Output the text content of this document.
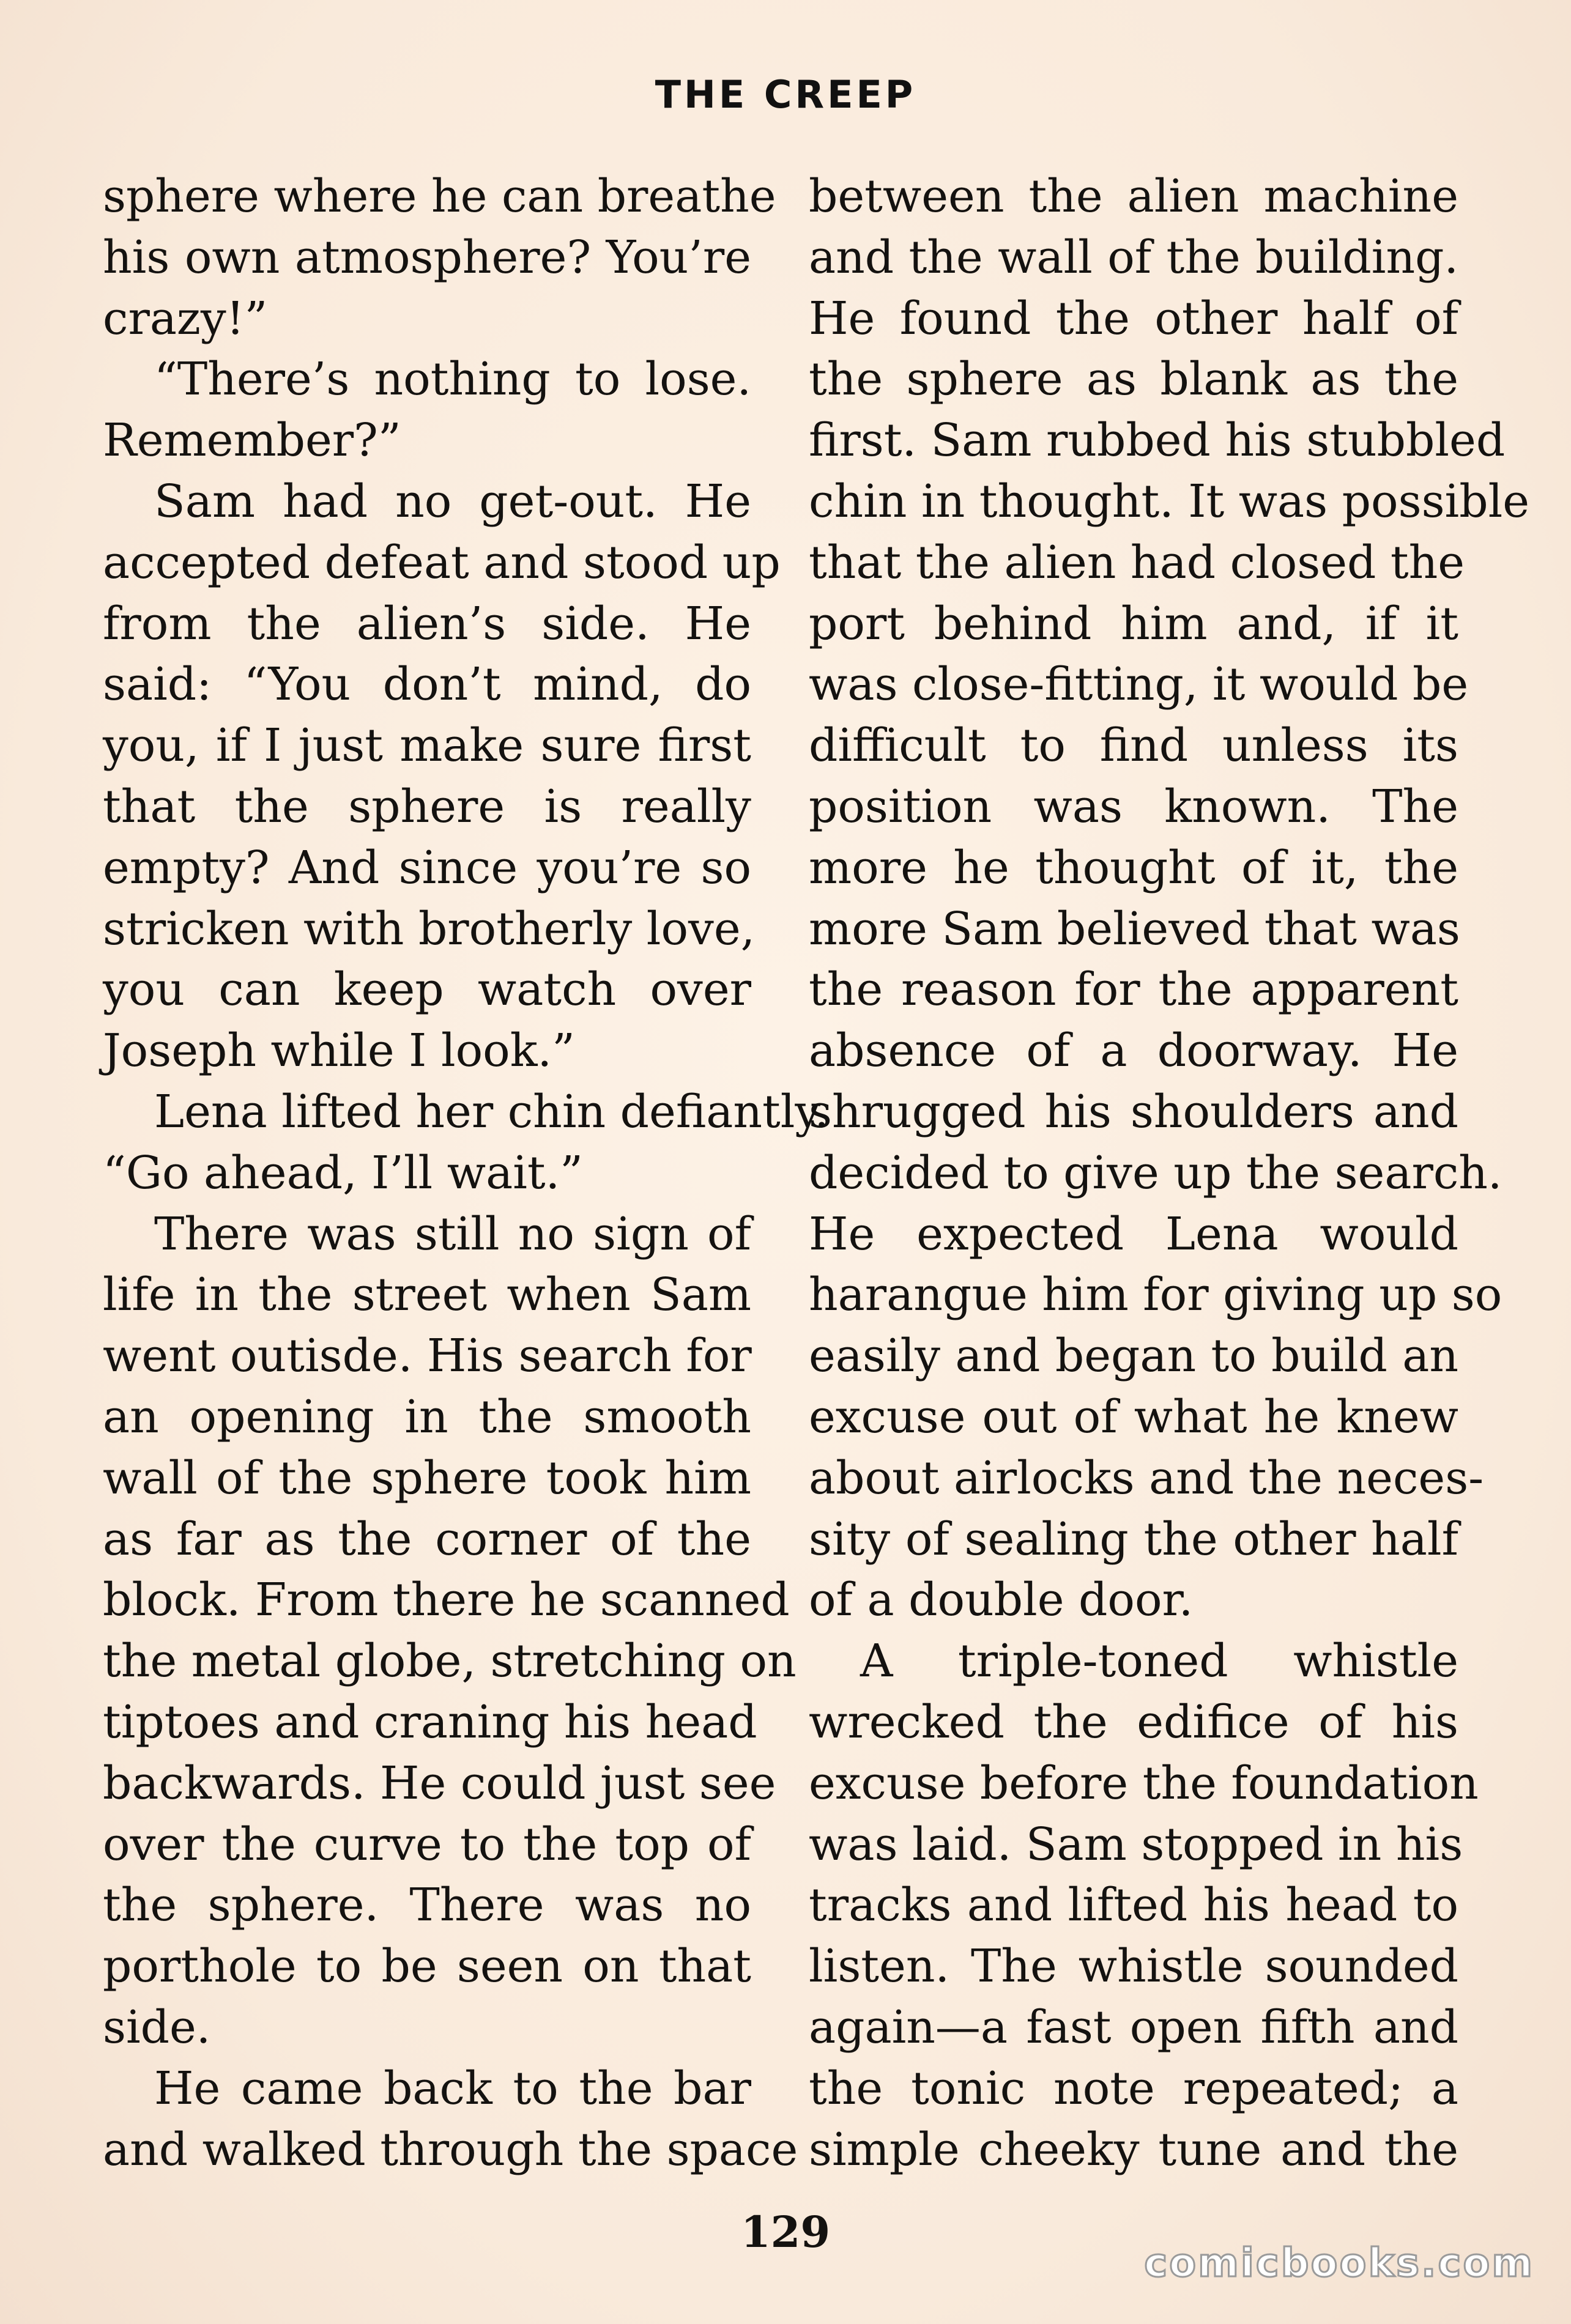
THE CREEP
sphere where he can breathe
his own atmosphere? You’re
crazy!”
“There’s nothing to lose.
Remember?”
Sam had no get-out. He
accepted defeat and stood up
from the alien’s side. He
said: “You don’t mind, do
you, if I just make sure first
that the sphere is really
empty? And since you’re so
stricken with brotherly love,
you can keep watch over
Joseph while I look.”
Lena lifted her chin defiantly.
“Go ahead, I’ll wait.”
There was still no sign of
life in the street when Sam
went outisde. His search for
an opening in the smooth
wall of the sphere took him
as far as the corner of the
block. From there he scanned
the metal globe, stretching on
tiptoes and craning his head
backwards. He could just see
over the curve to the top of
the sphere. There was no
porthole to be seen on that
side.
He came back to the bar
and walked through the space
between the alien machine
and the wall of the building.
He found the other half of
the sphere as blank as the
first. Sam rubbed his stubbled
chin in thought. It was possible
that the alien had closed the
port behind him and, if it
was close-fitting, it would be
difficult to find unless its
position was known. The
more he thought of it, the
more Sam believed that was
the reason for the apparent
absence of a doorway. He
shrugged his shoulders and
decided to give up the search.
He expected Lena would
harangue him for giving up so
easily and began to build an
excuse out of what he knew
about airlocks and the neces-
sity of sealing the other half
of a double door.
A triple-toned whistle
wrecked the edifice of his
excuse before the foundation
was laid. Sam stopped in his
tracks and lifted his head to
listen. The whistle sounded
again—a fast open fifth and
the tonic note repeated; a
simple cheeky tune and the
129
comicbooks.com
